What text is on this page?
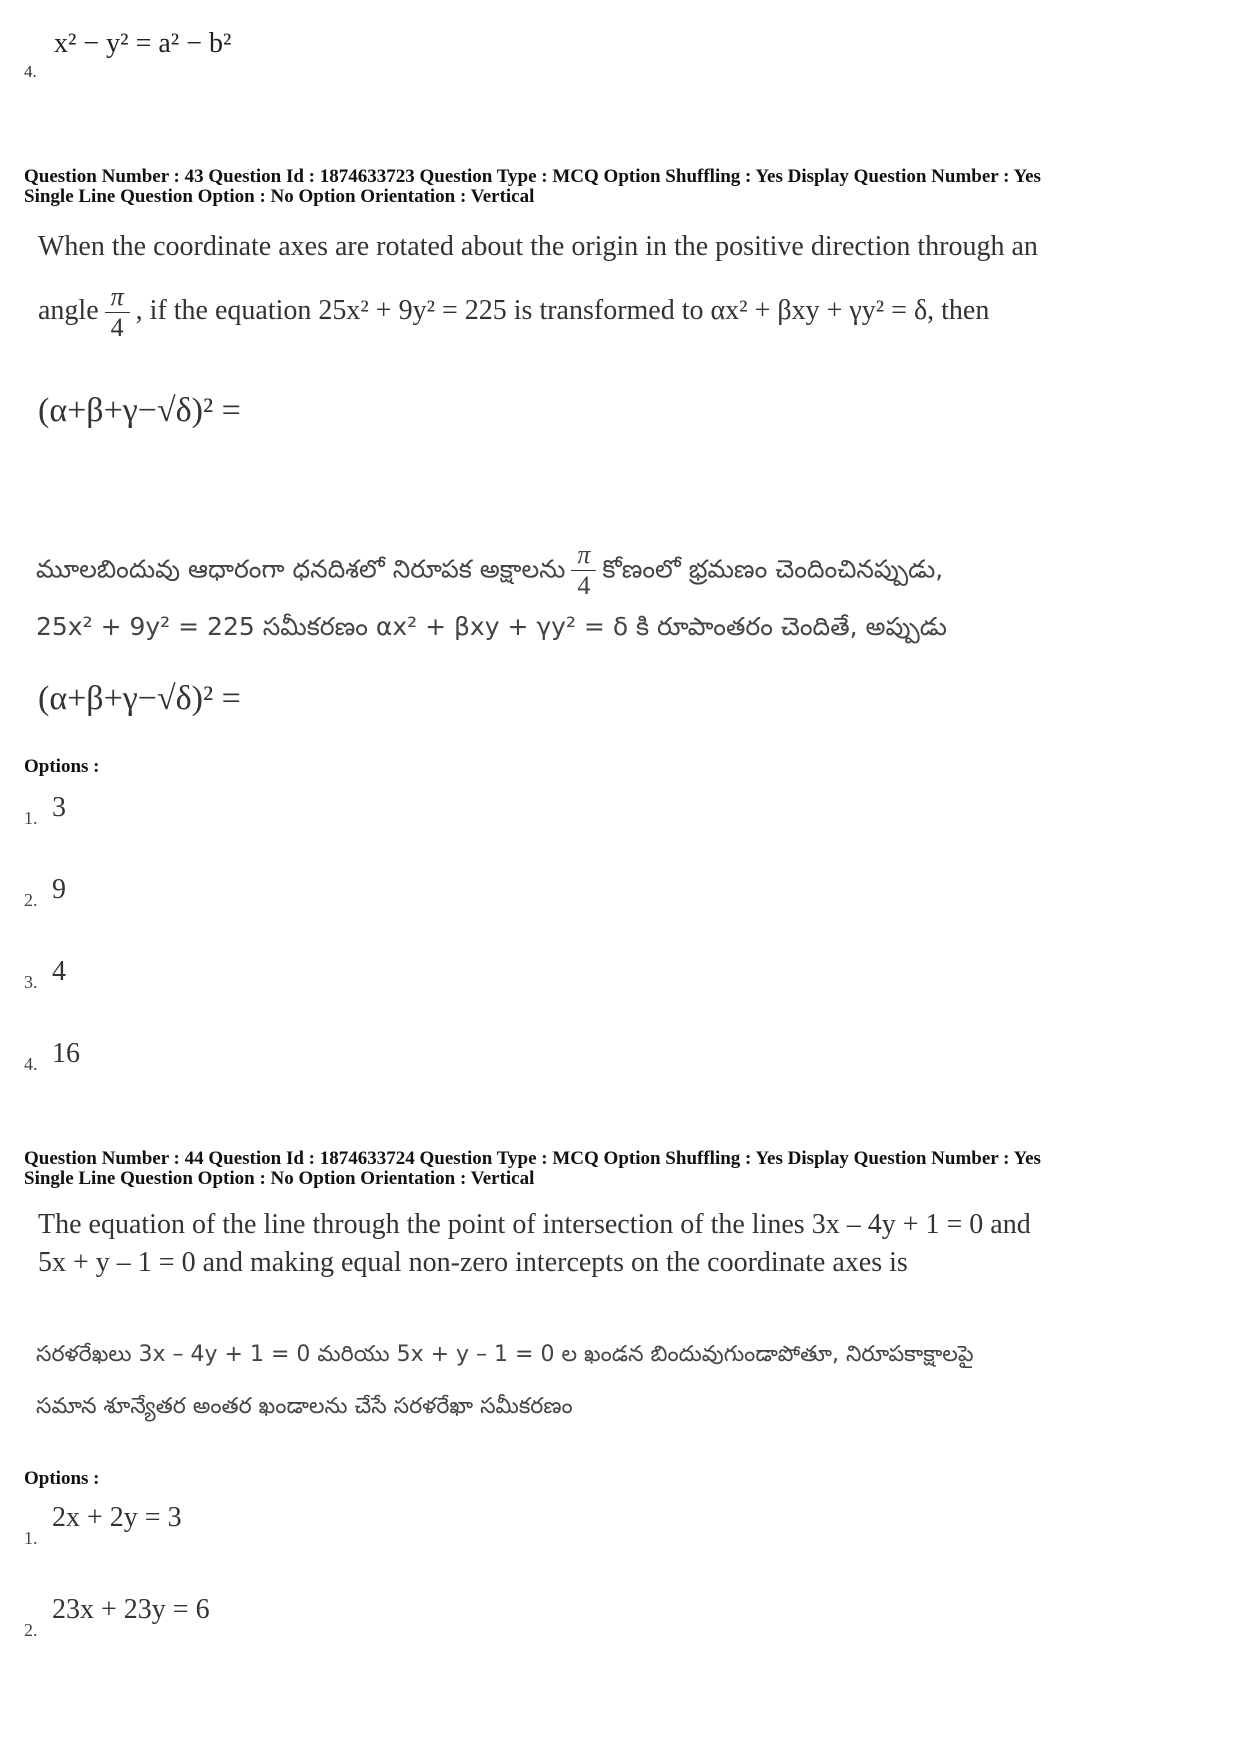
4.
x² − y² = a² − b²
Question Number : 43 Question Id : 1874633723 Question Type : MCQ Option Shuffling : Yes Display Question Number : Yes
Single Line Question Option : No Option Orientation : Vertical
When the coordinate axes are rotated about the origin in the positive direction through an
angle $\frac{\pi}{4}$ , if the equation 25x² + 9y² = 225 is transformed to αx² + βxy + γy² = δ, then
(α+β+γ−√δ)² =
మూలబిందువు ఆధారంగా ధనదిశలో నిరూపక అక్షాలను $\frac{\pi}{4}$ కోణంలో భ్రమణం చెందించినప్పుడు,
25x² + 9y² = 225 సమీకరణం αx² + βxy + γy² = δ కి రూపాంతరం చెందితే, అప్పుడు
(α+β+γ−√δ)² =
Options :
1. 3
2. 9
3. 4
4. 16
Question Number : 44 Question Id : 1874633724 Question Type : MCQ Option Shuffling : Yes Display Question Number : Yes
Single Line Question Option : No Option Orientation : Vertical
The equation of the line through the point of intersection of the lines 3x – 4y + 1 = 0 and
5x + y – 1 = 0 and making equal non-zero intercepts on the coordinate axes is
సరళరేఖలు 3x – 4y + 1 = 0 మరియు 5x + y – 1 = 0 ల ఖండన బిందువుగుండాపోతూ, నిరూపకాక్షాలపై
సమాన శూన్యేతర అంతర ఖండాలను చేసే సరళరేఖా సమీకరణం
Options :
1.
2x + 2y = 3
2.
23x + 23y = 6
